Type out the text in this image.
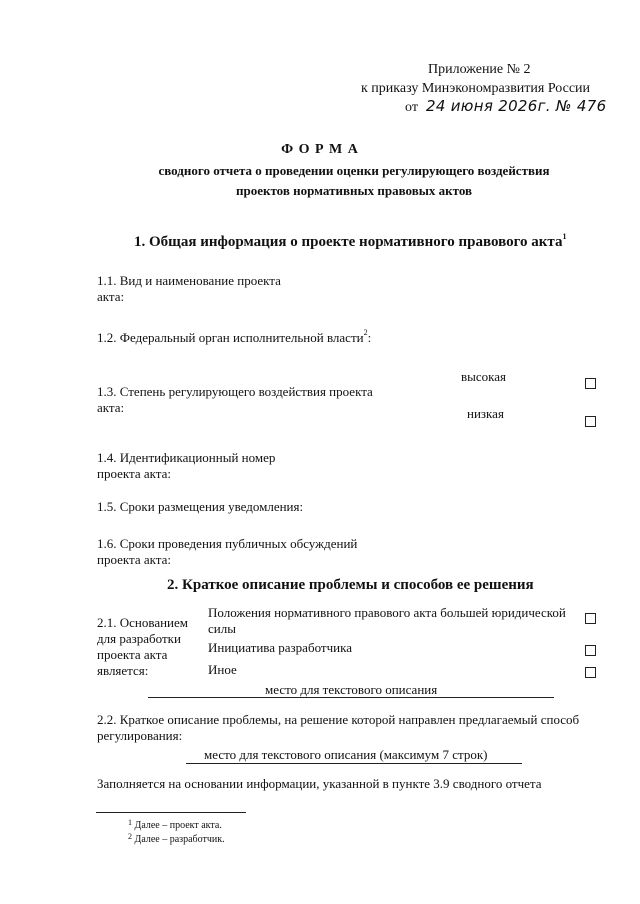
Приложение № 2
к приказу Минэкономразвития России
от 24 июня 2026г. № 476
Ф О Р М А
сводного отчета о проведении оценки регулирующего воздействия
проектов нормативных правовых актов
1. Общая информация о проекте нормативного правового акта$^1$
1.1. Вид и наименование проекта
акта:
1.2. Федеральный орган исполнительной власти$^2$:
высокая
1.3. Степень регулирующего воздействия проекта
акта:	низкая
1.4. Идентификационный номер
проекта акта:
1.5. Сроки размещения уведомления:
1.6. Сроки проведения публичных обсуждений
проекта акта:
2. Краткое описание проблемы и способов ее решения
2.1. Основанием
для разработки
проекта акта
является:
Положения нормативного правового акта большей юридической
силы
Инициатива разработчика
Иное
место для текстового описания
2.2. Краткое описание проблемы, на решение которой направлен предлагаемый способ
регулирования:
место для текстового описания (максимум 7 строк)
Заполняется на основании информации, указанной в пункте 3.9 сводного отчета
$^1$ Далее – проект акта.
$^2$ Далее – разработчик.
